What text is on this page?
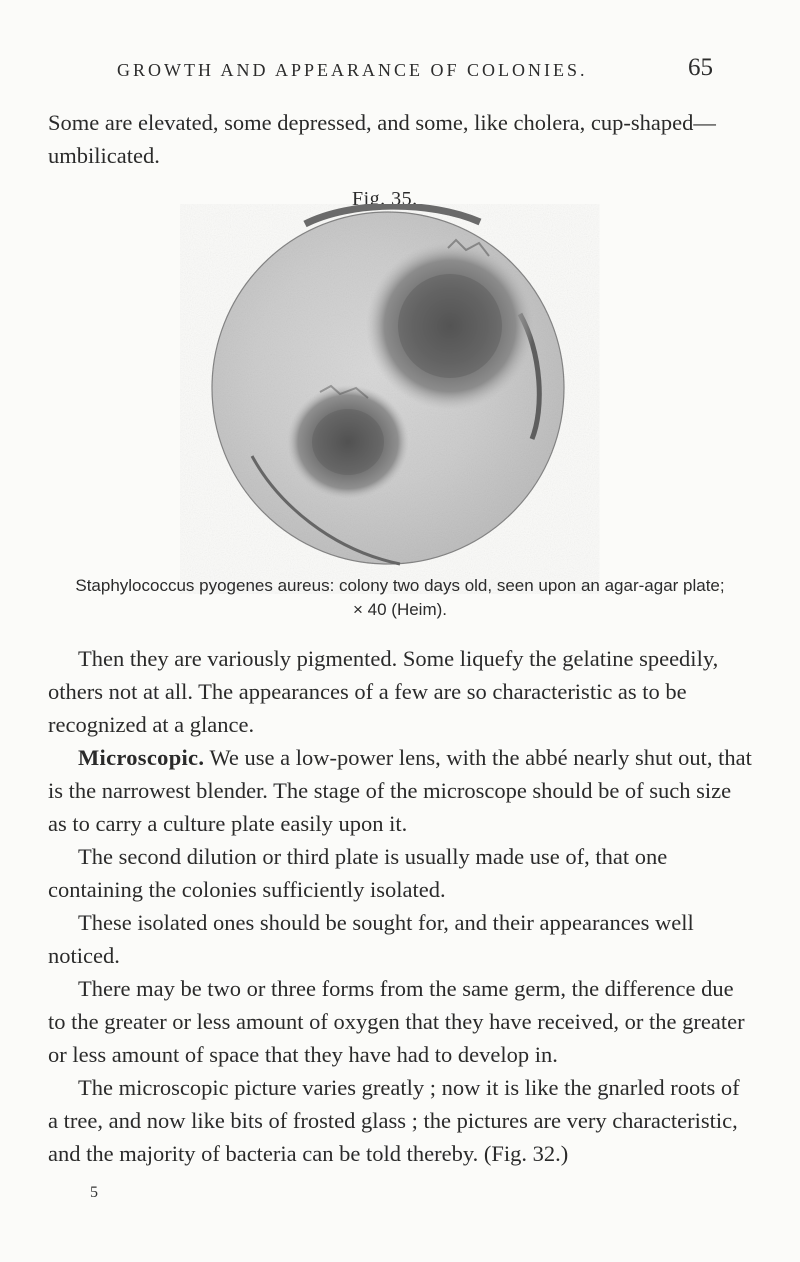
GROWTH AND APPEARANCE OF COLONIES.	65
Some are elevated, some depressed, and some, like cholera, cup-shaped—umbilicated.
Fig. 35.
Staphylococcus pyogenes aureus: colony two days old, seen upon an agar-agar plate;
× 40 (Heim).

Then they are variously pigmented. Some liquefy the gelatine speedily, others not at all. The appearances of a few are so characteristic as to be recognized at a glance.

Microscopic. We use a low-power lens, with the abbé nearly shut out, that is the narrowest blender. The stage of the microscope should be of such size as to carry a culture plate easily upon it.

The second dilution or third plate is usually made use of, that one containing the colonies sufficiently isolated.

These isolated ones should be sought for, and their appearances well noticed.

There may be two or three forms from the same germ, the difference due to the greater or less amount of oxygen that they have received, or the greater or less amount of space that they have had to develop in.

The microscopic picture varies greatly ; now it is like the gnarled roots of a tree, and now like bits of frosted glass ; the pictures are very characteristic, and the majority of bacteria can be told thereby. (Fig. 32.)

5
